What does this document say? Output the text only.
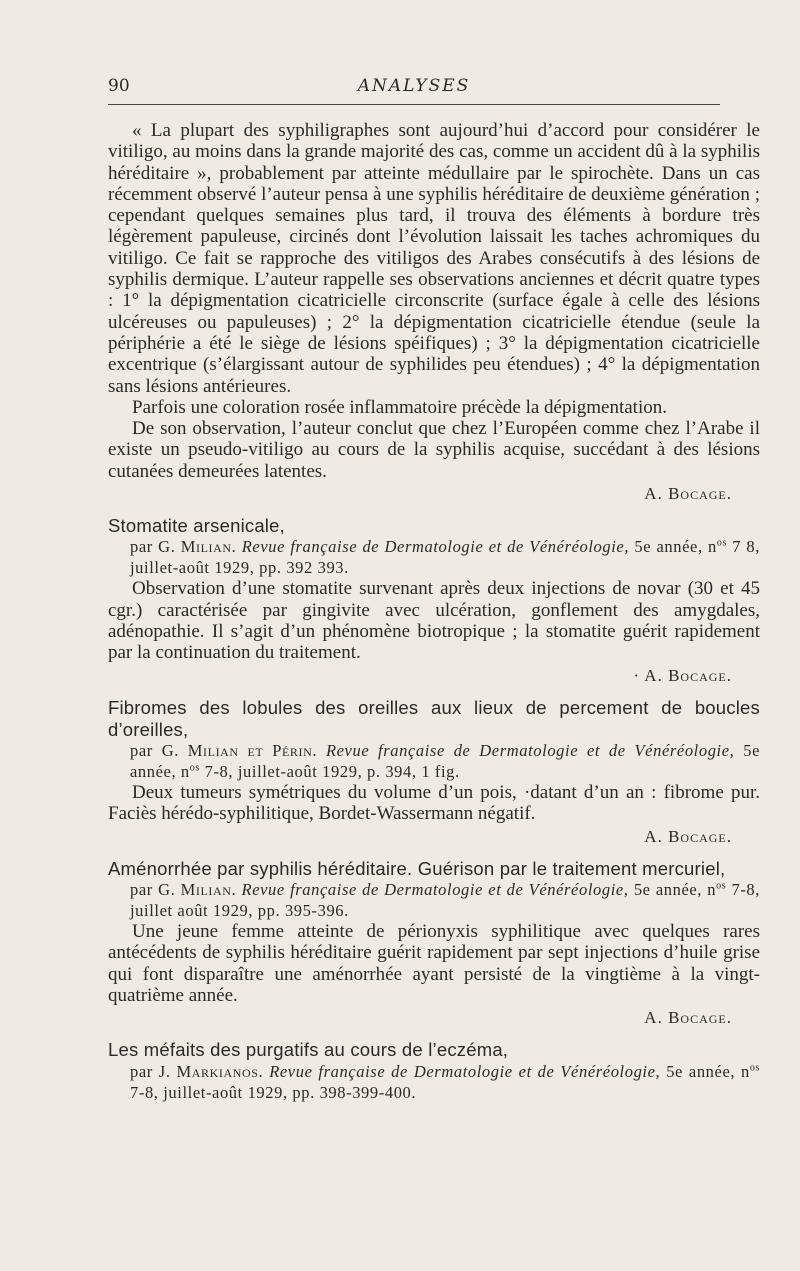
90	ANALYSES

« La plupart des syphiligraphes sont aujourd’hui d’accord pour considérer le vitiligo, au moins dans la grande majorité des cas, comme un accident dû à la syphilis héréditaire », probablement par atteinte médullaire par le spirochète. Dans un cas récemment observé l’auteur pensa à une syphilis héréditaire de deuxième génération ; cependant quelques semaines plus tard, il trouva des éléments à bordure très légèrement papuleuse, circinés dont l’évolution laissait les taches achromiques du vitiligo. Ce fait se rapproche des vitiligos des Arabes consécutifs à des lésions de syphilis dermique. L’auteur rappelle ses observations anciennes et décrit quatre types : 1° la dépigmentation cicatricielle circonscrite (surface égale à celle des lésions ulcéreuses ou papuleuses) ; 2° la dépigmentation cicatricielle étendue (seule la périphérie a été le siège de lésions spéifiques) ; 3° la dépigmentation cicatricielle excentrique (s’élargissant autour de syphilides peu étendues) ; 4° la dépigmentation sans lésions antérieures.

Parfois une coloration rosée inflammatoire précède la dépigmentation.

De son observation, l’auteur conclut que chez l’Européen comme chez l’Arabe il existe un pseudo-vitiligo au cours de la syphilis acquise, succédant à des lésions cutanées demeurées latentes.

A. Bocage.
Stomatite arsenicale,
par G. Milian. Revue française de Dermatologie et de Vénéréologie, 5e année, $n^{os}$ 7 8, juillet-août 1929, pp. 392 393.

Observation d’une stomatite survenant après deux injections de novar (30 et 45 cgr.) caractérisée par gingivite avec ulcération, gonflement des amygdales, adénopathie. Il s’agit d’un phénomène biotropique ; la stomatite guérit rapidement par la continuation du traitement.

· A. Bocage.
Fibromes des lobules des oreilles aux lieux de percement de boucles d’oreilles,
par G. Milian et Périn. Revue française de Dermatologie et de Vénéréologie, 5e année, $n^{os}$ 7-8, juillet-août 1929, p. 394, 1 fig.

Deux tumeurs symétriques du volume d’un pois, ·datant d’un an : fibrome pur. Faciès hérédo-syphilitique, Bordet-Wassermann négatif.

A. Bocage.
Aménorrhée par syphilis héréditaire. Guérison par le traitement mercuriel,
par G. Milian. Revue française de Dermatologie et de Vénéréologie, 5e année, $n^{os}$ 7-8, juillet août 1929, pp. 395-396.

Une jeune femme atteinte de périonyxis syphilitique avec quelques rares antécédents de syphilis héréditaire guérit rapidement par sept injections d’huile grise qui font disparaître une aménorrhée ayant persisté de la vingtième à la vingt-quatrième année.

A. Bocage.
Les méfaits des purgatifs au cours de l’eczéma,
par J. Markianos. Revue française de Dermatologie et de Vénéréologie, 5e année, $n^{os}$ 7-8, juillet-août 1929, pp. 398-399-400.
